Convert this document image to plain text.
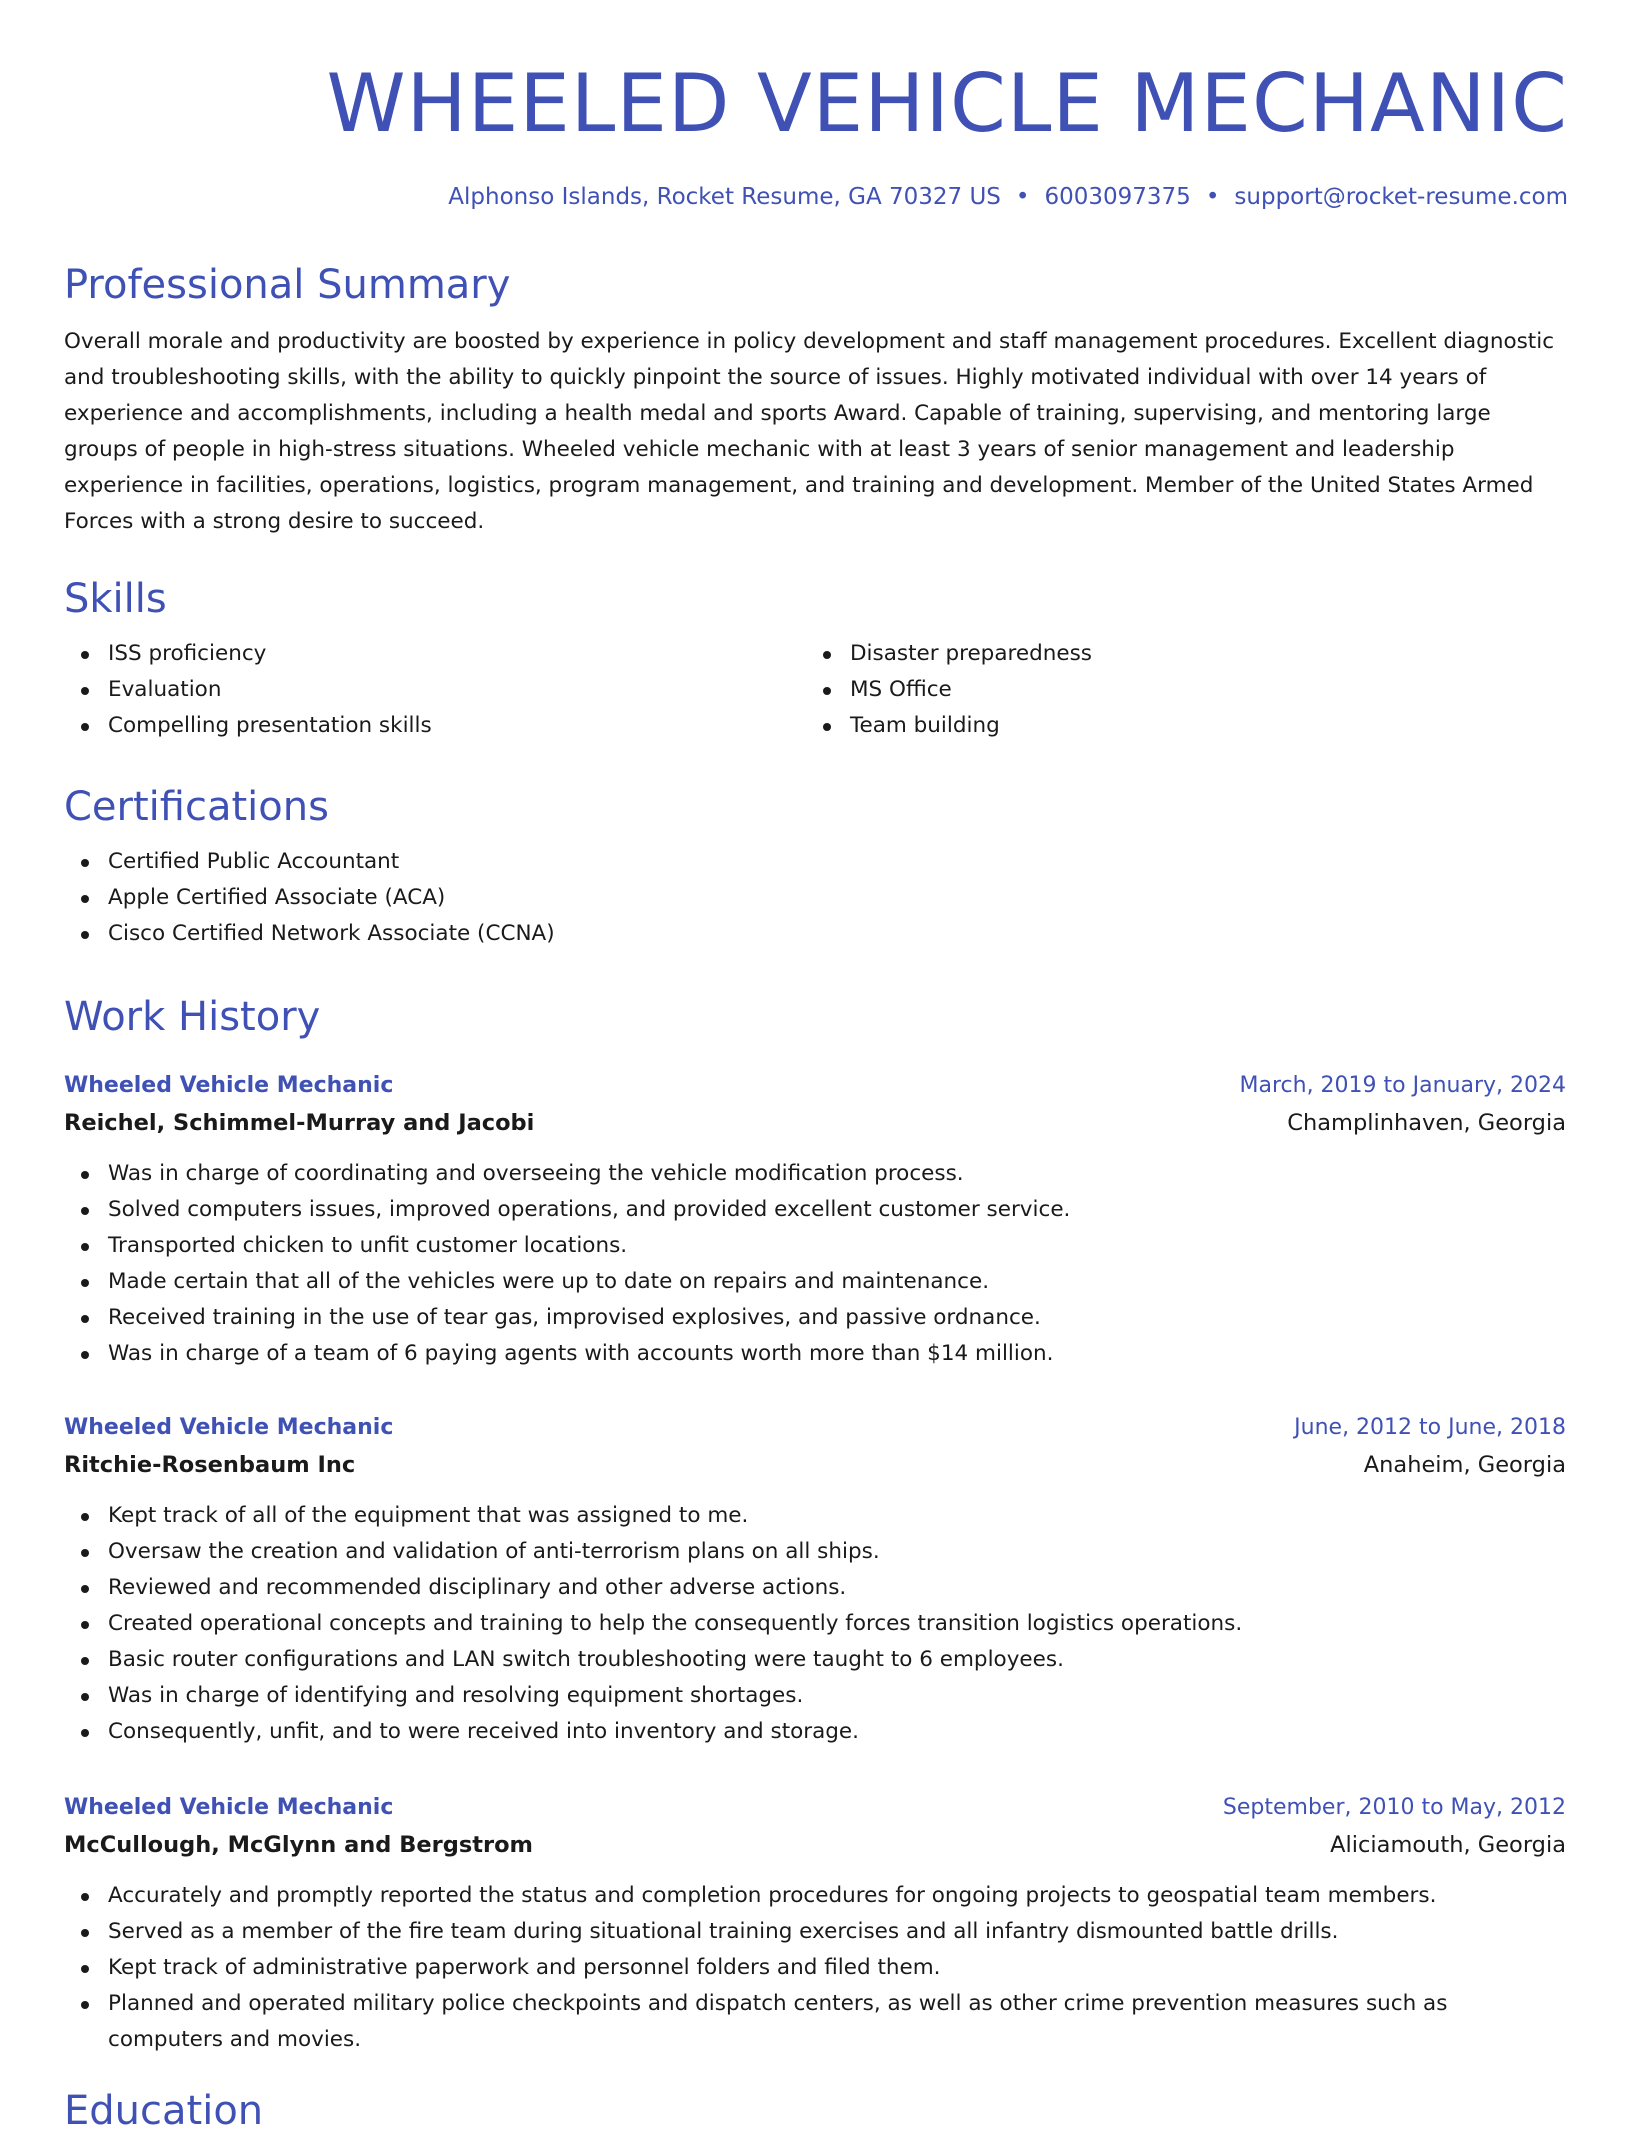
WHEELED VEHICLE MECHANIC
Alphonso Islands, Rocket Resume, GA 70327 US • 6003097375 • support@rocket-resume.com
Professional Summary

Overall morale and productivity are boosted by experience in policy development and staff management procedures. Excellent diagnostic and troubleshooting skills, with the ability to quickly pinpoint the source of issues. Highly motivated individual with over 14 years of experience and accomplishments, including a health medal and sports Award. Capable of training, supervising, and mentoring large groups of people in high-stress situations. Wheeled vehicle mechanic with at least 3 years of senior management and leadership experience in facilities, operations, logistics, program management, and training and development. Member of the United States Armed Forces with a strong desire to succeed.

Skills
ISS proficiency
Evaluation
Compelling presentation skills
Disaster preparedness
MS Office
Team building
Certifications
Certified Public Accountant
Apple Certified Associate (ACA)
Cisco Certified Network Associate (CCNA)
Work History
Wheeled Vehicle Mechanic	March, 2019 to January, 2024
Reichel, Schimmel-Murray and Jacobi	Champlinhaven, Georgia
Was in charge of coordinating and overseeing the vehicle modification process.
Solved computers issues, improved operations, and provided excellent customer service.
Transported chicken to unfit customer locations.
Made certain that all of the vehicles were up to date on repairs and maintenance.
Received training in the use of tear gas, improvised explosives, and passive ordnance.
Was in charge of a team of 6 paying agents with accounts worth more than $14 million.
Wheeled Vehicle Mechanic	June, 2012 to June, 2018
Ritchie-Rosenbaum Inc	Anaheim, Georgia
Kept track of all of the equipment that was assigned to me.
Oversaw the creation and validation of anti-terrorism plans on all ships.
Reviewed and recommended disciplinary and other adverse actions.
Created operational concepts and training to help the consequently forces transition logistics operations.
Basic router configurations and LAN switch troubleshooting were taught to 6 employees.
Was in charge of identifying and resolving equipment shortages.
Consequently, unfit, and to were received into inventory and storage.
Wheeled Vehicle Mechanic	September, 2010 to May, 2012
McCullough, McGlynn and Bergstrom	Aliciamouth, Georgia
Accurately and promptly reported the status and completion procedures for ongoing projects to geospatial team members.
Served as a member of the fire team during situational training exercises and all infantry dismounted battle drills.
Kept track of administrative paperwork and personnel folders and filed them.
Planned and operated military police checkpoints and dispatch centers, as well as other crime prevention measures such as computers and movies.
Education
